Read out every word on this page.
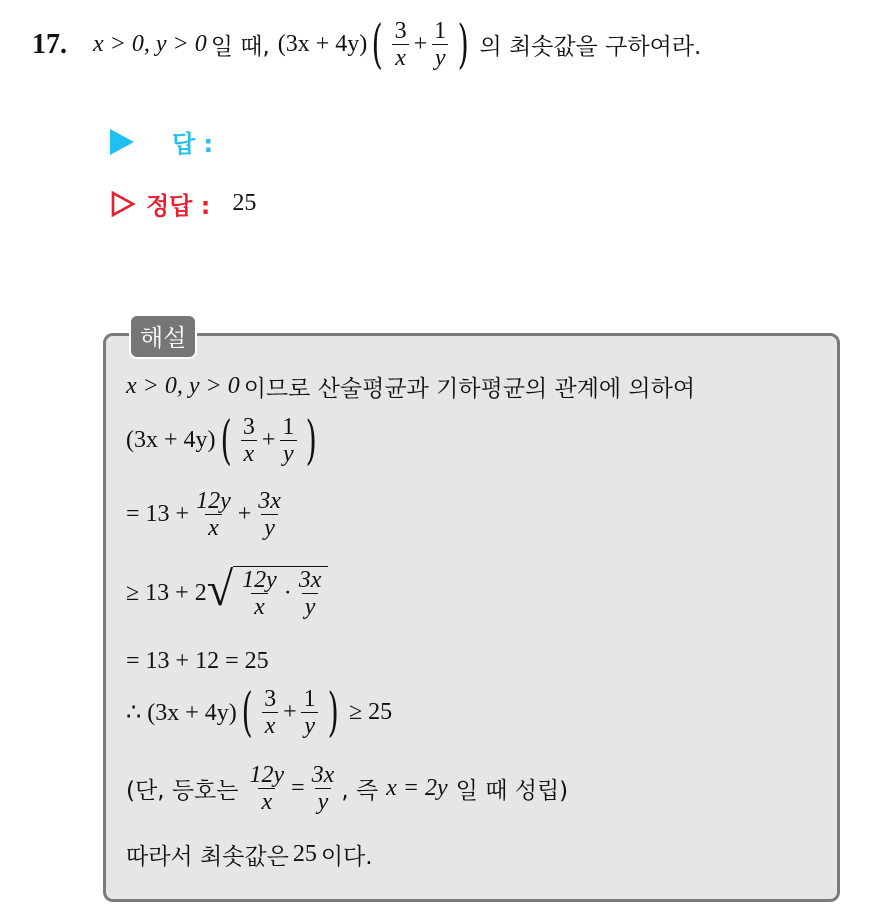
17. x > 0, y > 0 일 때, (3x + 4y) ( $\frac{3}{x} + \frac{1}{y}$ ) 의 최솟값을 구하여라.
답 :
정답 : 25
해설
x > 0, y > 0 이므로 산술평균과 기하평균의 관계에 의하여
(3x + 4y) ( $\frac{3}{x} + \frac{1}{y}$ )
= $13 + \frac{12y}{x} + \frac{3x}{y}$
≥ 13 + 2 √ $\frac{12y}{x} \cdot \frac{3x}{y}$
= 13 + 12 = 25
∴ (3x + 4y) ( $\frac{3}{x} + \frac{1}{y}$ ) ≥ 25
(단, 등호는 $\frac{12y}{x} = \frac{3x}{y}$ , 즉 x = 2y 일 때 성립)
따라서 최솟값은 25 이다.
